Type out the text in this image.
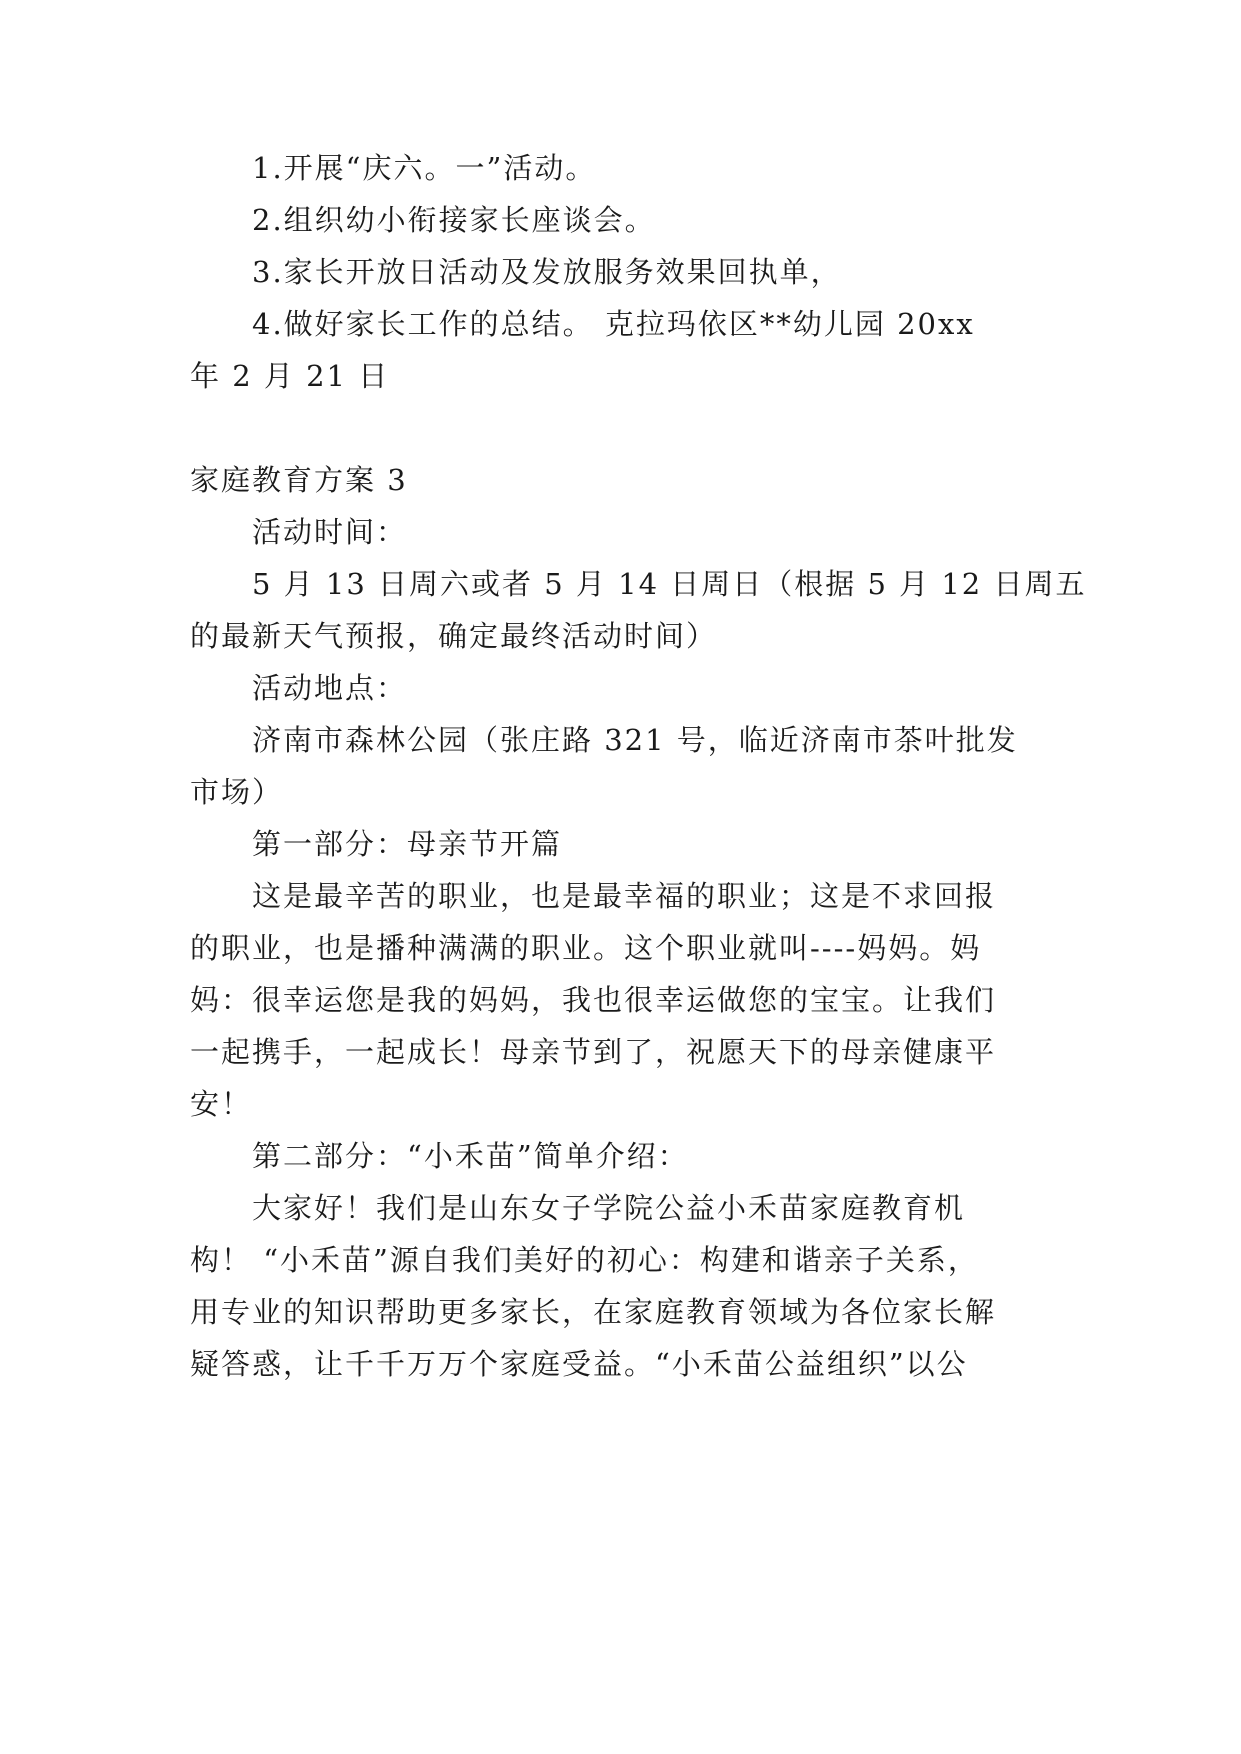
1.开展“庆六。一”活动。
2.组织幼小衔接家长座谈会。
3.家长开放日活动及发放服务效果回执单，
4.做好家长工作的总结。 克拉玛依区**幼儿园 20xx
年 2 月 21 日
家庭教育方案 3
活动时间：
5 月 13 日周六或者 5 月 14 日周日（根据 5 月 12 日周五
的最新天气预报，确定最终活动时间）
活动地点：
济南市森林公园（张庄路 321 号，临近济南市茶叶批发
市场）
第一部分：母亲节开篇
这是最辛苦的职业，也是最幸福的职业；这是不求回报
的职业，也是播种满满的职业。这个职业就叫----妈妈。妈
妈：很幸运您是我的妈妈，我也很幸运做您的宝宝。让我们
一起携手，一起成长！母亲节到了，祝愿天下的母亲健康平
安！
第二部分：“小禾苗”简单介绍：
大家好！我们是山东女子学院公益小禾苗家庭教育机
构！ “小禾苗”源自我们美好的初心：构建和谐亲子关系，
用专业的知识帮助更多家长，在家庭教育领域为各位家长解
疑答惑，让千千万万个家庭受益。“小禾苗公益组织”以公
